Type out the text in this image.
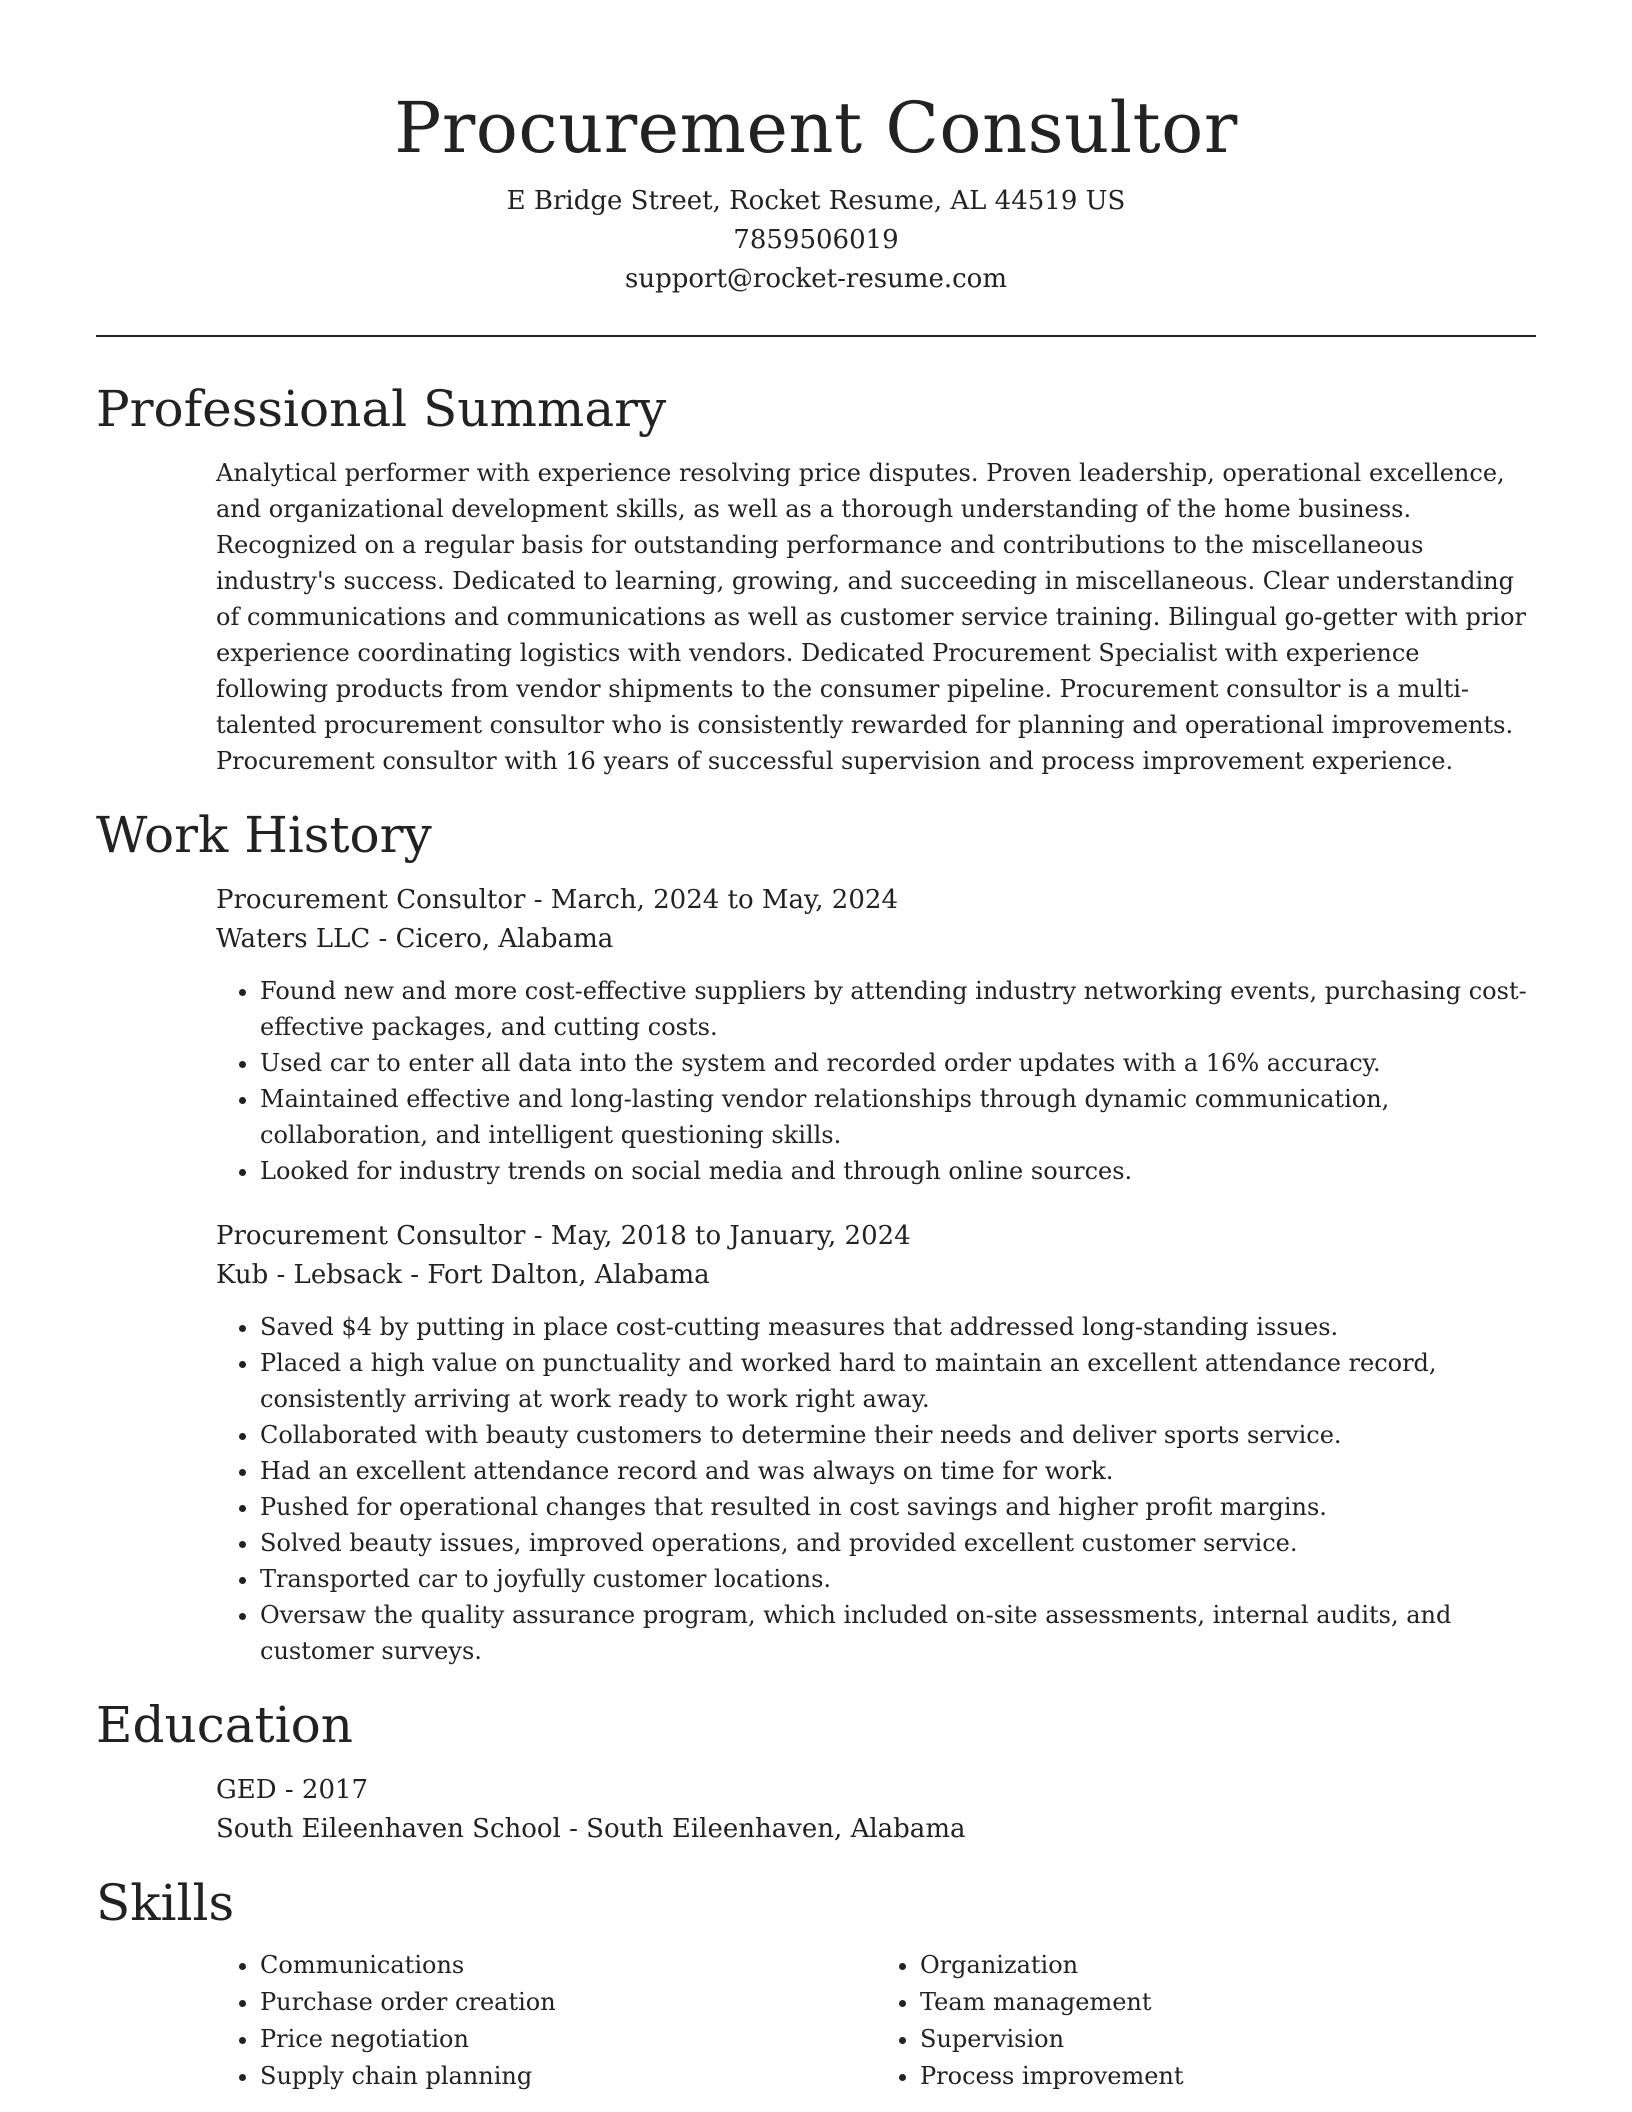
Procurement Consultor
E Bridge Street, Rocket Resume, AL 44519 US
7859506019
support@rocket-resume.com
Professional Summary

Analytical performer with experience resolving price disputes. Proven leadership, operational excellence, and organizational development skills, as well as a thorough understanding of the home business. Recognized on a regular basis for outstanding performance and contributions to the miscellaneous industry's success. Dedicated to learning, growing, and succeeding in miscellaneous. Clear understanding of communications and communications as well as customer service training. Bilingual go-getter with prior experience coordinating logistics with vendors. Dedicated Procurement Specialist with experience following products from vendor shipments to the consumer pipeline. Procurement consultor is a multi-talented procurement consultor who is consistently rewarded for planning and operational improvements. Procurement consultor with 16 years of successful supervision and process improvement experience.

Work History
Procurement Consultor - March, 2024 to May, 2024
Waters LLC - Cicero, Alabama
• Found new and more cost-effective suppliers by attending industry networking events, purchasing cost-effective packages, and cutting costs.
• Used car to enter all data into the system and recorded order updates with a 16% accuracy.
• Maintained effective and long-lasting vendor relationships through dynamic communication, collaboration, and intelligent questioning skills.
• Looked for industry trends on social media and through online sources.
Procurement Consultor - May, 2018 to January, 2024
Kub - Lebsack - Fort Dalton, Alabama
• Saved $4 by putting in place cost-cutting measures that addressed long-standing issues.
• Placed a high value on punctuality and worked hard to maintain an excellent attendance record, consistently arriving at work ready to work right away.
• Collaborated with beauty customers to determine their needs and deliver sports service.
• Had an excellent attendance record and was always on time for work.
• Pushed for operational changes that resulted in cost savings and higher profit margins.
• Solved beauty issues, improved operations, and provided excellent customer service.
• Transported car to joyfully customer locations.
• Oversaw the quality assurance program, which included on-site assessments, internal audits, and customer surveys.
Education
GED - 2017
South Eileenhaven School - South Eileenhaven, Alabama
Skills
• Communications
• Purchase order creation
• Price negotiation
• Supply chain planning
• Organization
• Team management
• Supervision
• Process improvement
